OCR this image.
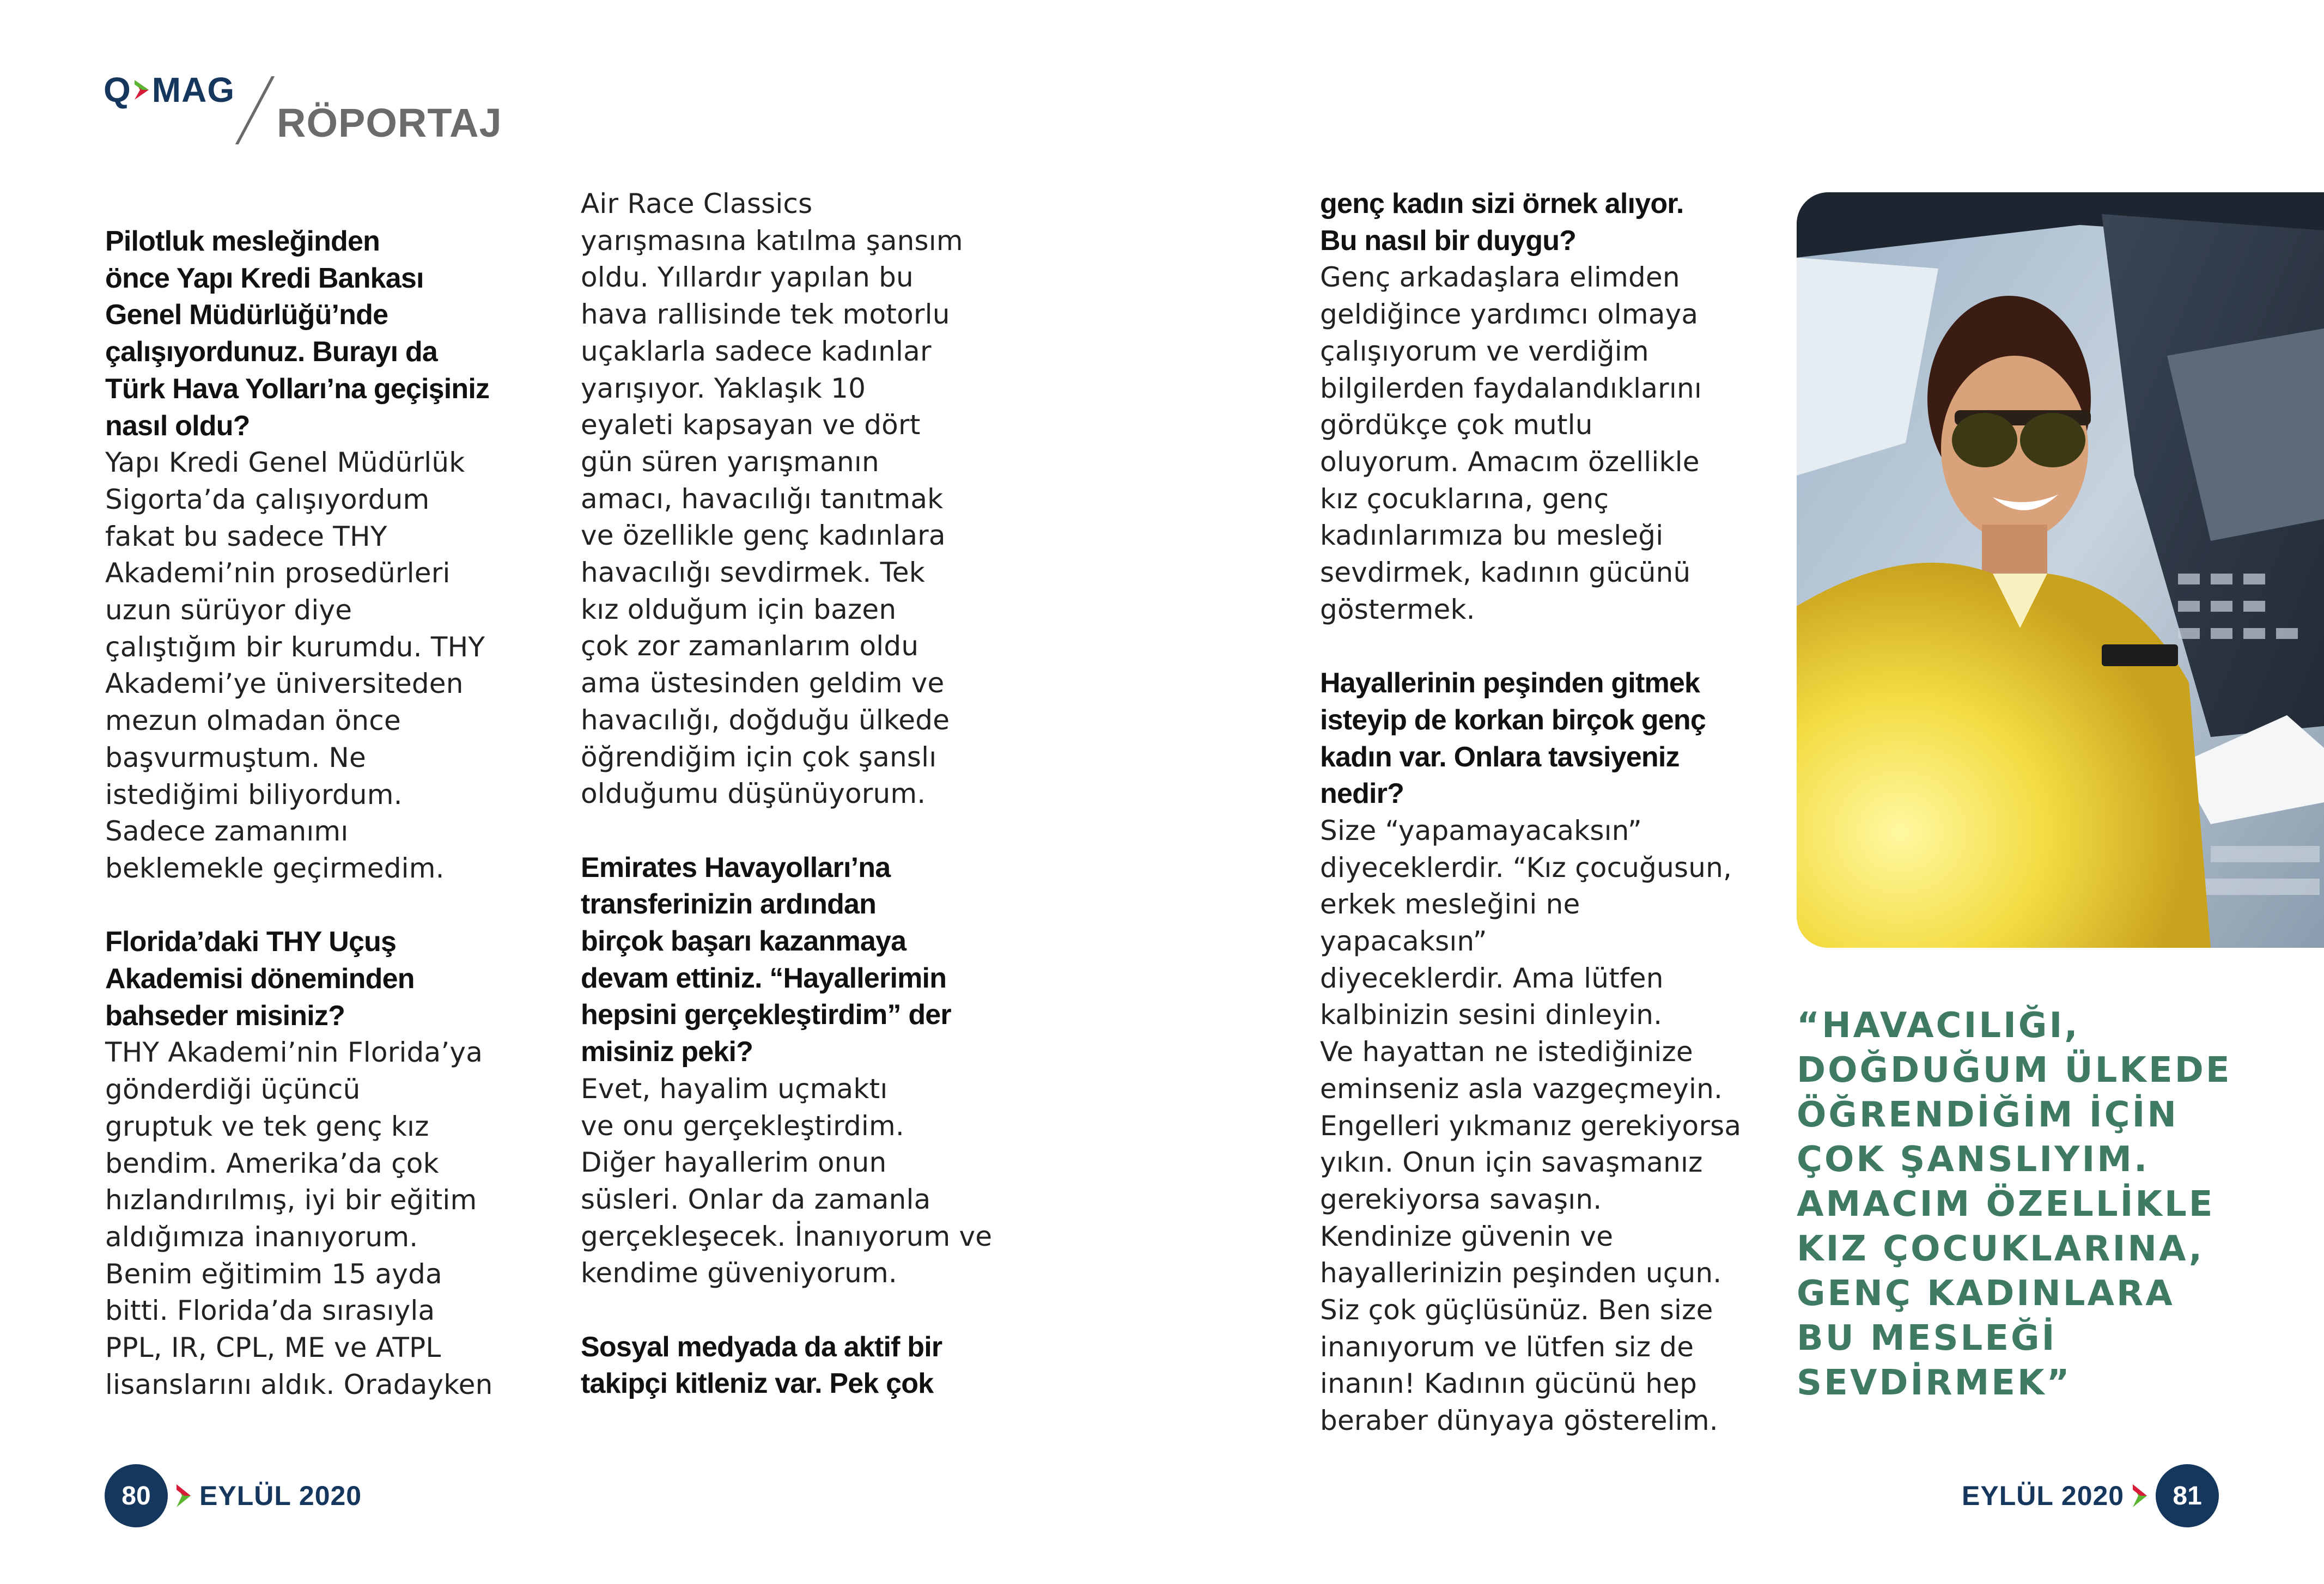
Q MAG
RÖPORTAJ

Pilotluk mesleğinden
önce Yapı Kredi Bankası
Genel Müdürlüğü’nde
çalışıyordunuz. Burayı da
Türk Hava Yolları’na geçişiniz
nasıl oldu?

Yapı Kredi Genel Müdürlük
Sigorta’da çalışıyordum
fakat bu sadece THY
Akademi’nin prosedürleri
uzun sürüyor diye
çalıştığım bir kurumdu. THY
Akademi’ye üniversiteden
mezun olmadan önce
başvurmuştum. Ne
istediğimi biliyordum.
Sadece zamanımı
beklemekle geçirmedim.

Florida’daki THY Uçuş
Akademisi döneminden
bahseder misiniz?

THY Akademi’nin Florida’ya
gönderdiği üçüncü
gruptuk ve tek genç kız
bendim. Amerika’da çok
hızlandırılmış, iyi bir eğitim
aldığımıza inanıyorum.
Benim eğitimim 15 ayda
bitti. Florida’da sırasıyla
PPL, IR, CPL, ME ve ATPL
lisanslarını aldık. Oradayken

Air Race Classics
yarışmasına katılma şansım
oldu. Yıllardır yapılan bu
hava rallisinde tek motorlu
uçaklarla sadece kadınlar
yarışıyor. Yaklaşık 10
eyaleti kapsayan ve dört
gün süren yarışmanın
amacı, havacılığı tanıtmak
ve özellikle genç kadınlara
havacılığı sevdirmek. Tek
kız olduğum için bazen
çok zor zamanlarım oldu
ama üstesinden geldim ve
havacılığı, doğduğu ülkede
öğrendiğim için çok şanslı
olduğumu düşünüyorum.

Emirates Havayolları’na
transferinizin ardından
birçok başarı kazanmaya
devam ettiniz. “Hayallerimin
hepsini gerçekleştirdim” der
misiniz peki?

Evet, hayalim uçmaktı
ve onu gerçekleştirdim.
Diğer hayallerim onun
süsleri. Onlar da zamanla
gerçekleşecek. İnanıyorum ve
kendime güveniyorum.

Sosyal medyada da aktif bir
takipçi kitleniz var. Pek çok

80	EYLÜL 2020

genç kadın sizi örnek alıyor.
Bu nasıl bir duygu?

Genç arkadaşlara elimden
geldiğince yardımcı olmaya
çalışıyorum ve verdiğim
bilgilerden faydalandıklarını
gördükçe çok mutlu
oluyorum. Amacım özellikle
kız çocuklarına, genç
kadınlarımıza bu mesleği
sevdirmek, kadının gücünü
göstermek.

Hayallerinin peşinden gitmek
isteyip de korkan birçok genç
kadın var. Onlara tavsiyeniz
nedir?

Size “yapamayacaksın”
diyeceklerdir. “Kız çocuğusun,
erkek mesleğini ne yapacaksın”
diyeceklerdir. Ama lütfen
kalbinizin sesini dinleyin.
Ve hayattan ne istediğinize
eminseniz asla vazgeçmeyin.
Engelleri yıkmanız gerekiyorsa
yıkın. Onun için savaşmanız
gerekiyorsa savaşın.
Kendinize güvenin ve
hayallerinizin peşinden uçun.
Siz çok güçlüsünüz. Ben size
inanıyorum ve lütfen siz de
inanın! Kadının gücünü hep
beraber dünyaya gösterelim.

“HAVACILIĞI,
DOĞDUĞUM ÜLKEDE
ÖĞRENDİĞİM İÇİN
ÇOK ŞANSLIYIM.
AMACIM ÖZELLİKLE
KIZ ÇOCUKLARINA,
GENÇ KADINLARA
BU MESLEĞİ
SEVDİRMEK”
EYLÜL 2020	81
